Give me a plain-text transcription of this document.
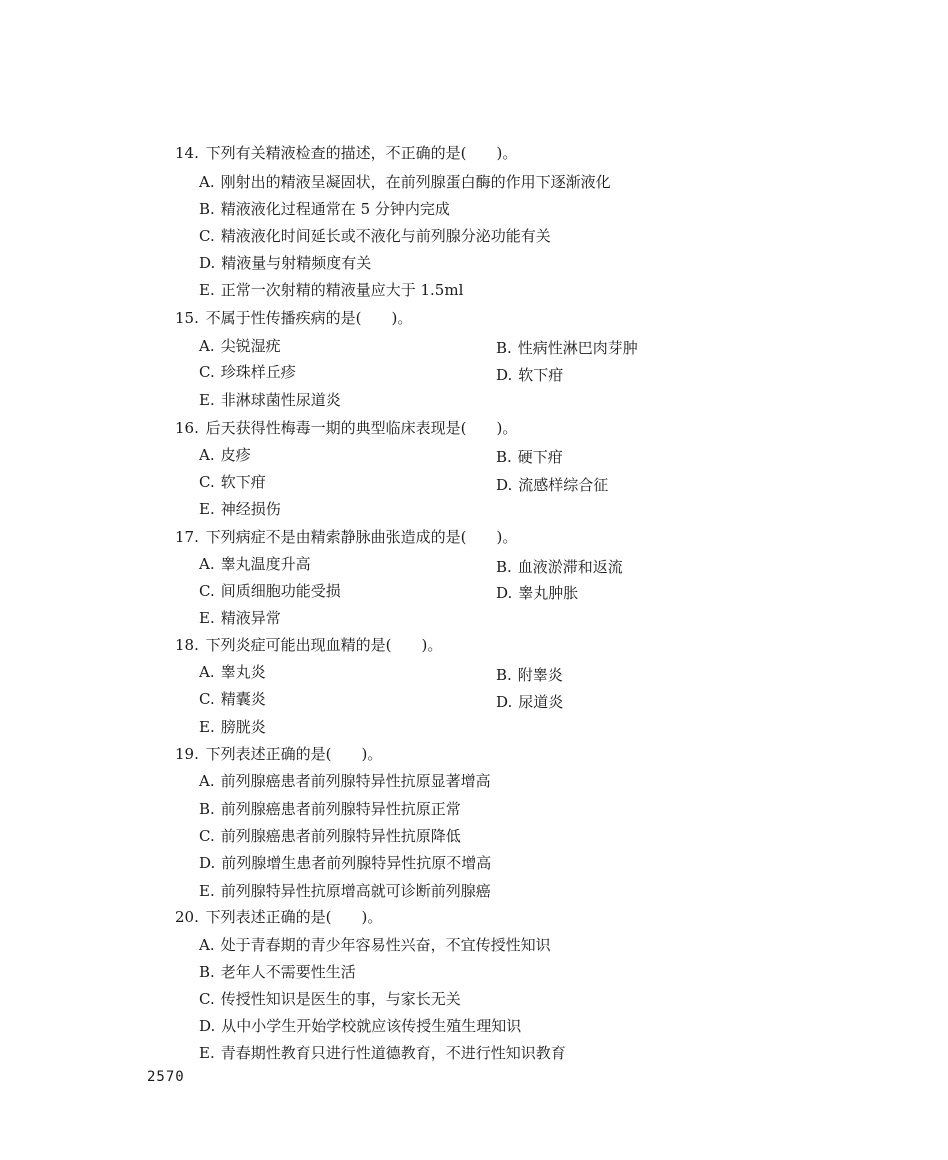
14. 下列有关精液检查的描述，不正确的是(　　)。
A. 刚射出的精液呈凝固状，在前列腺蛋白酶的作用下逐渐液化
B. 精液液化过程通常在 5 分钟内完成
C. 精液液化时间延长或不液化与前列腺分泌功能有关
D. 精液量与射精频度有关
E. 正常一次射精的精液量应大于 1.5ml
15. 不属于性传播疾病的是(　　)。
A. 尖锐湿疣	B. 性病性淋巴肉芽肿
C. 珍珠样丘疹	D. 软下疳
E. 非淋球菌性尿道炎
16. 后天获得性梅毒一期的典型临床表现是(　　)。
A. 皮疹	B. 硬下疳
C. 软下疳	D. 流感样综合征
E. 神经损伤
17. 下列病症不是由精索静脉曲张造成的是(　　)。
A. 睾丸温度升高	B. 血液淤滞和返流
C. 间质细胞功能受损	D. 睾丸肿胀
E. 精液异常
18. 下列炎症可能出现血精的是(　　)。
A. 睾丸炎	B. 附睾炎
C. 精囊炎	D. 尿道炎
E. 膀胱炎
19. 下列表述正确的是(　　)。
A. 前列腺癌患者前列腺特异性抗原显著增高
B. 前列腺癌患者前列腺特异性抗原正常
C. 前列腺癌患者前列腺特异性抗原降低
D. 前列腺增生患者前列腺特异性抗原不增高
E. 前列腺特异性抗原增高就可诊断前列腺癌
20. 下列表述正确的是(　　)。
A. 处于青春期的青少年容易性兴奋，不宜传授性知识
B. 老年人不需要性生活
C. 传授性知识是医生的事，与家长无关
D. 从中小学生开始学校就应该传授生殖生理知识
E. 青春期性教育只进行性道德教育，不进行性知识教育
2570
